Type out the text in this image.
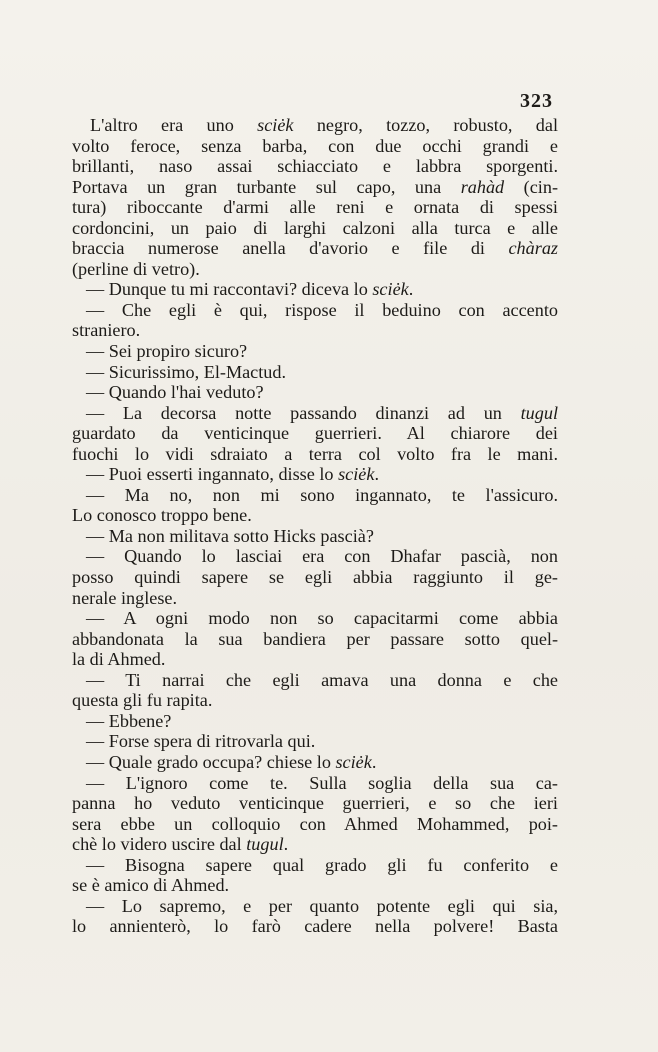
323
L'altro era uno sciėk negro, tozzo, robusto, dal
volto feroce, senza barba, con due occhi grandi e
brillanti, naso assai schiacciato e labbra sporgenti.
Portava un gran turbante sul capo, una rahàd (cin-
tura) riboccante d'armi alle reni e ornata di spessi
cordoncini, un paio di larghi calzoni alla turca e alle
braccia numerose anella d'avorio e file di chàraz
(perline di vetro).
— Dunque tu mi raccontavi? diceva lo sciėk.
— Che egli è qui, rispose il beduino con accento
straniero.
— Sei propiro sicuro?
— Sicurissimo, El-Mactud.
— Quando l'hai veduto?
— La decorsa notte passando dinanzi ad un tugul
guardato da venticinque guerrieri. Al chiarore dei
fuochi lo vidi sdraiato a terra col volto fra le mani.
— Puoi esserti ingannato, disse lo sciėk.
— Ma no, non mi sono ingannato, te l'assicuro.
Lo conosco troppo bene.
— Ma non militava sotto Hicks pascià?
— Quando lo lasciai era con Dhafar pascià, non
posso quindi sapere se egli abbia raggiunto il ge-
nerale inglese.
— A ogni modo non so capacitarmi come abbia
abbandonata la sua bandiera per passare sotto quel-
la di Ahmed.
— Ti narrai che egli amava una donna e che
questa gli fu rapita.
— Ebbene?
— Forse spera di ritrovarla qui.
— Quale grado occupa? chiese lo sciėk.
— L'ignoro come te. Sulla soglia della sua ca-
panna ho veduto venticinque guerrieri, e so che ieri
sera ebbe un colloquio con Ahmed Mohammed, poi-
chè lo videro uscire dal tugul.
— Bisogna sapere qual grado gli fu conferito e
se è amico di Ahmed.
— Lo sapremo, e per quanto potente egli qui sia,
lo annienterò, lo farò cadere nella polvere! Basta
